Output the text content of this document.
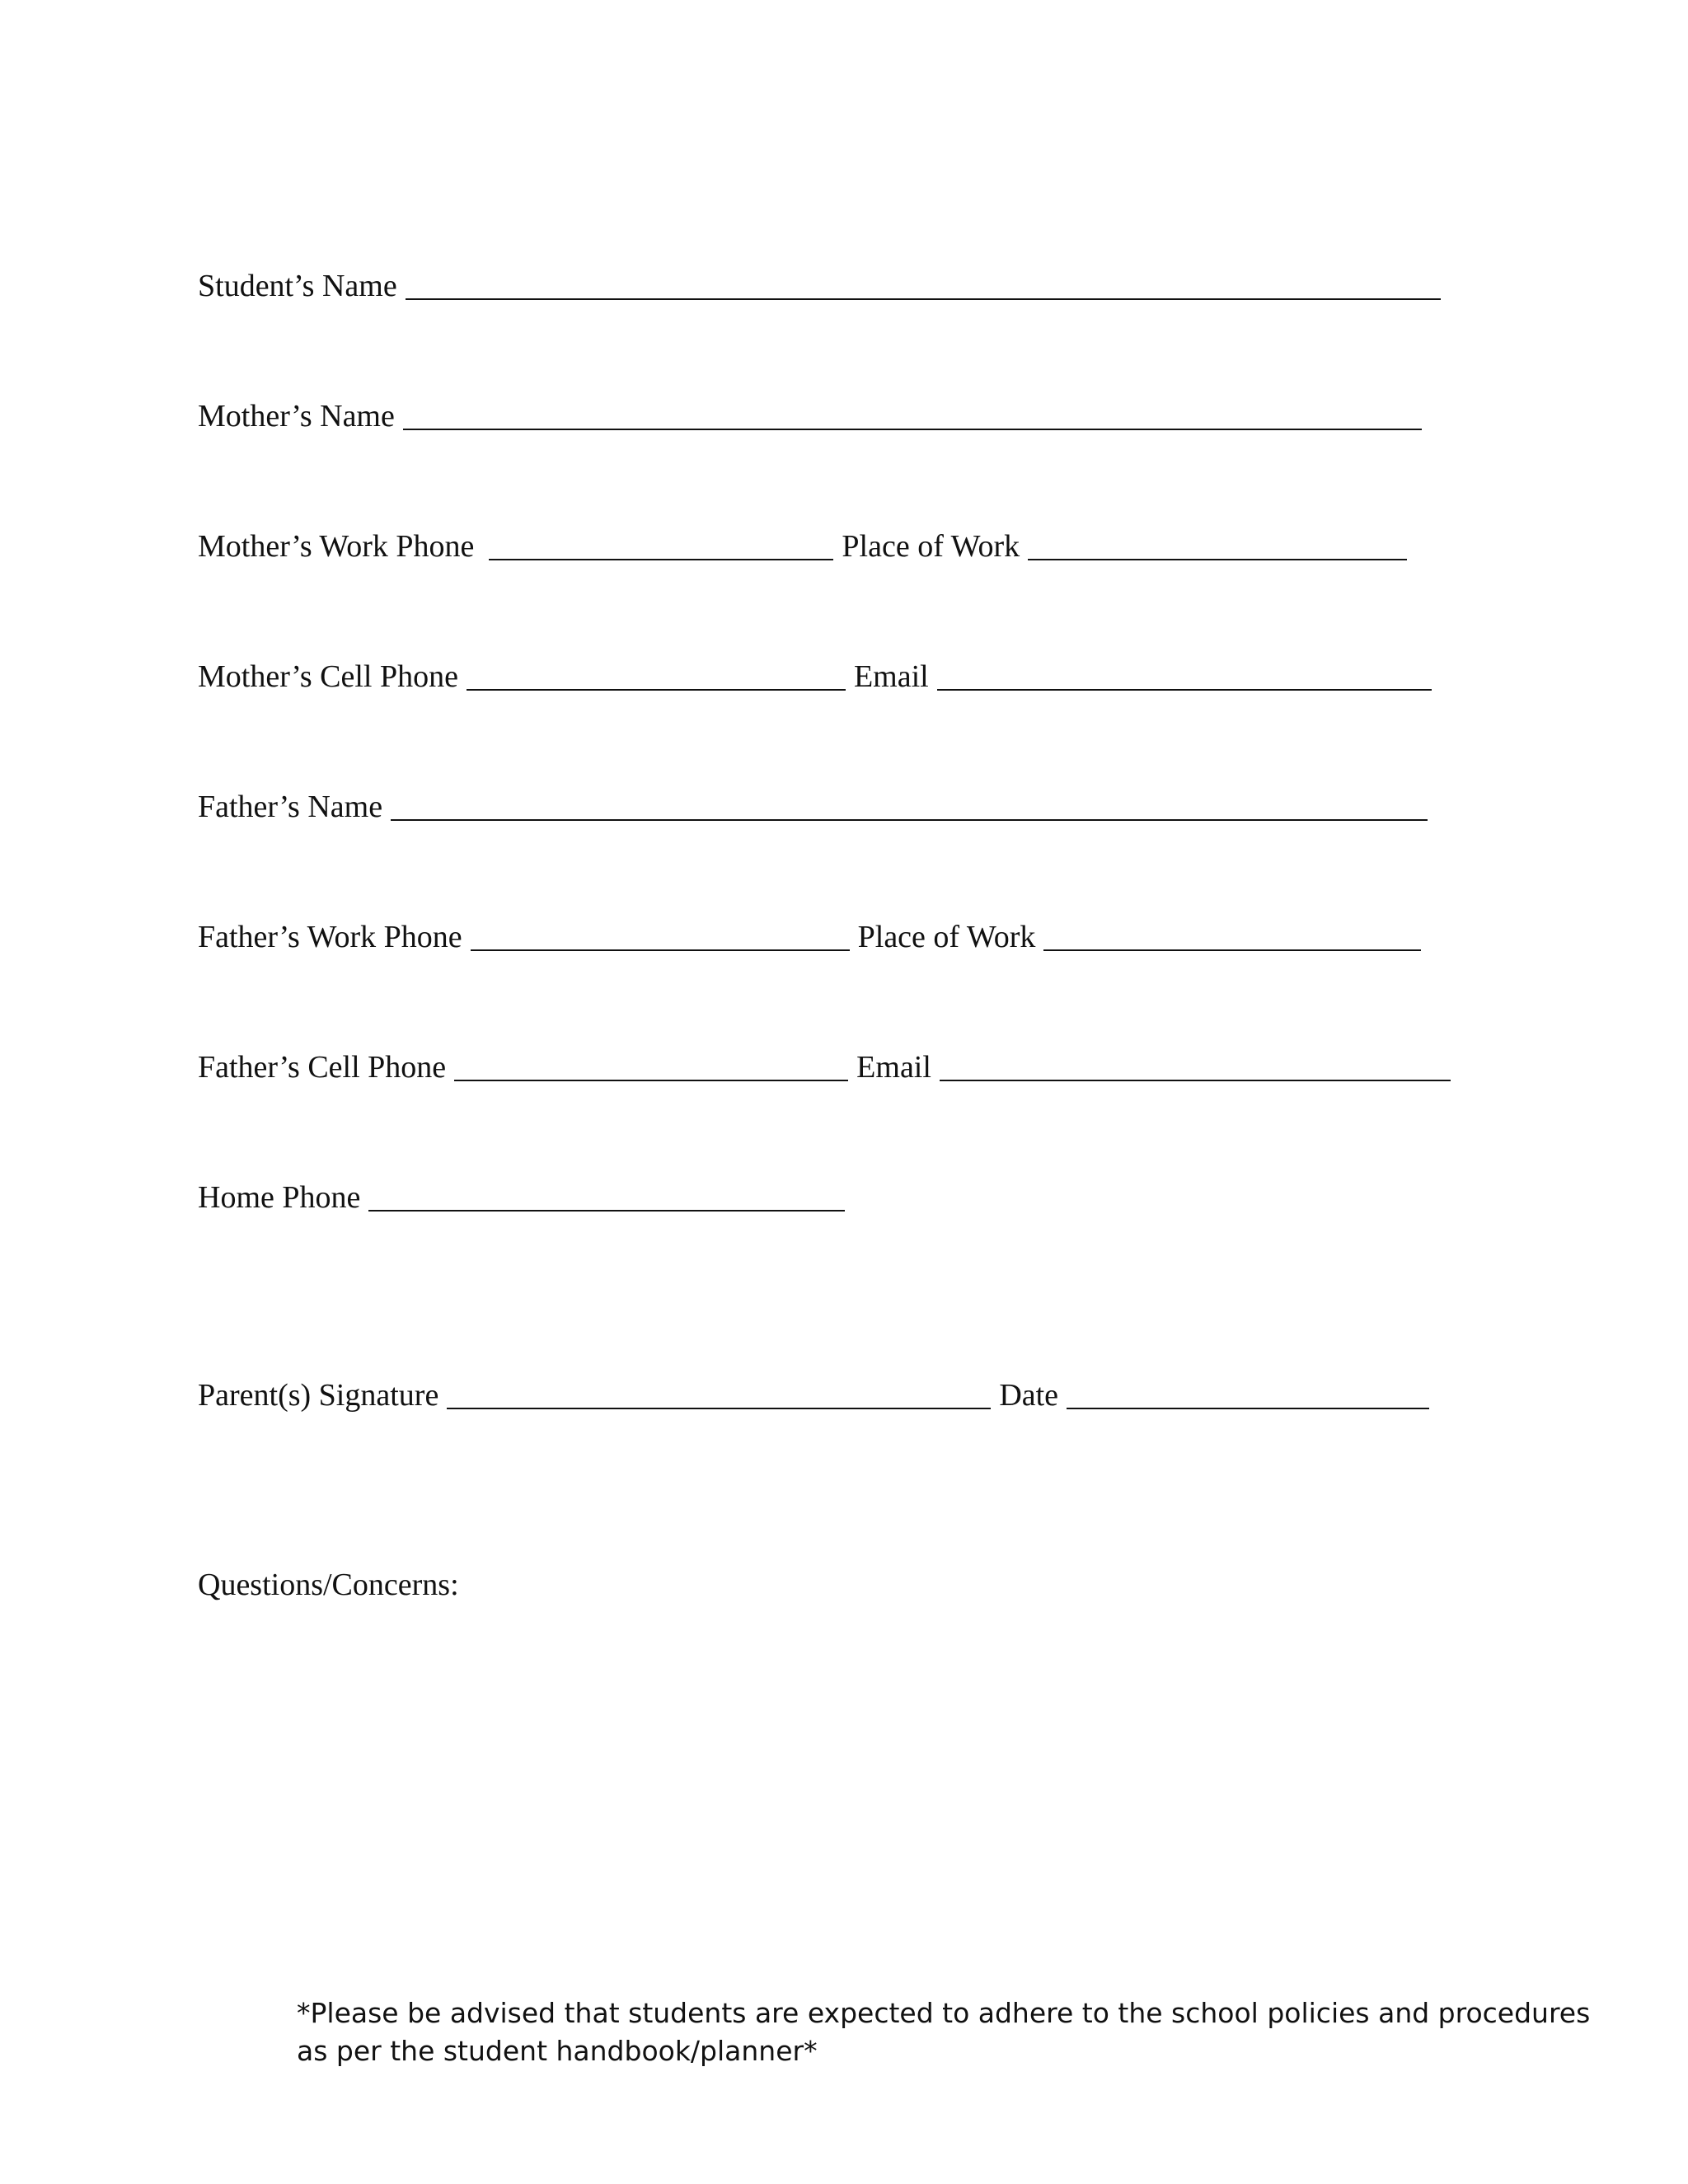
Student’s Name
Mother’s Name
Mother’s Work Phone	Place of Work
Mother’s Cell Phone	Email
Father’s Name
Father’s Work Phone	Place of Work
Father’s Cell Phone	Email
Home Phone
Parent(s) Signature	Date
Questions/Concerns:
*Please be advised that students are expected to adhere to the school policies and procedures
as per the student handbook/planner*
